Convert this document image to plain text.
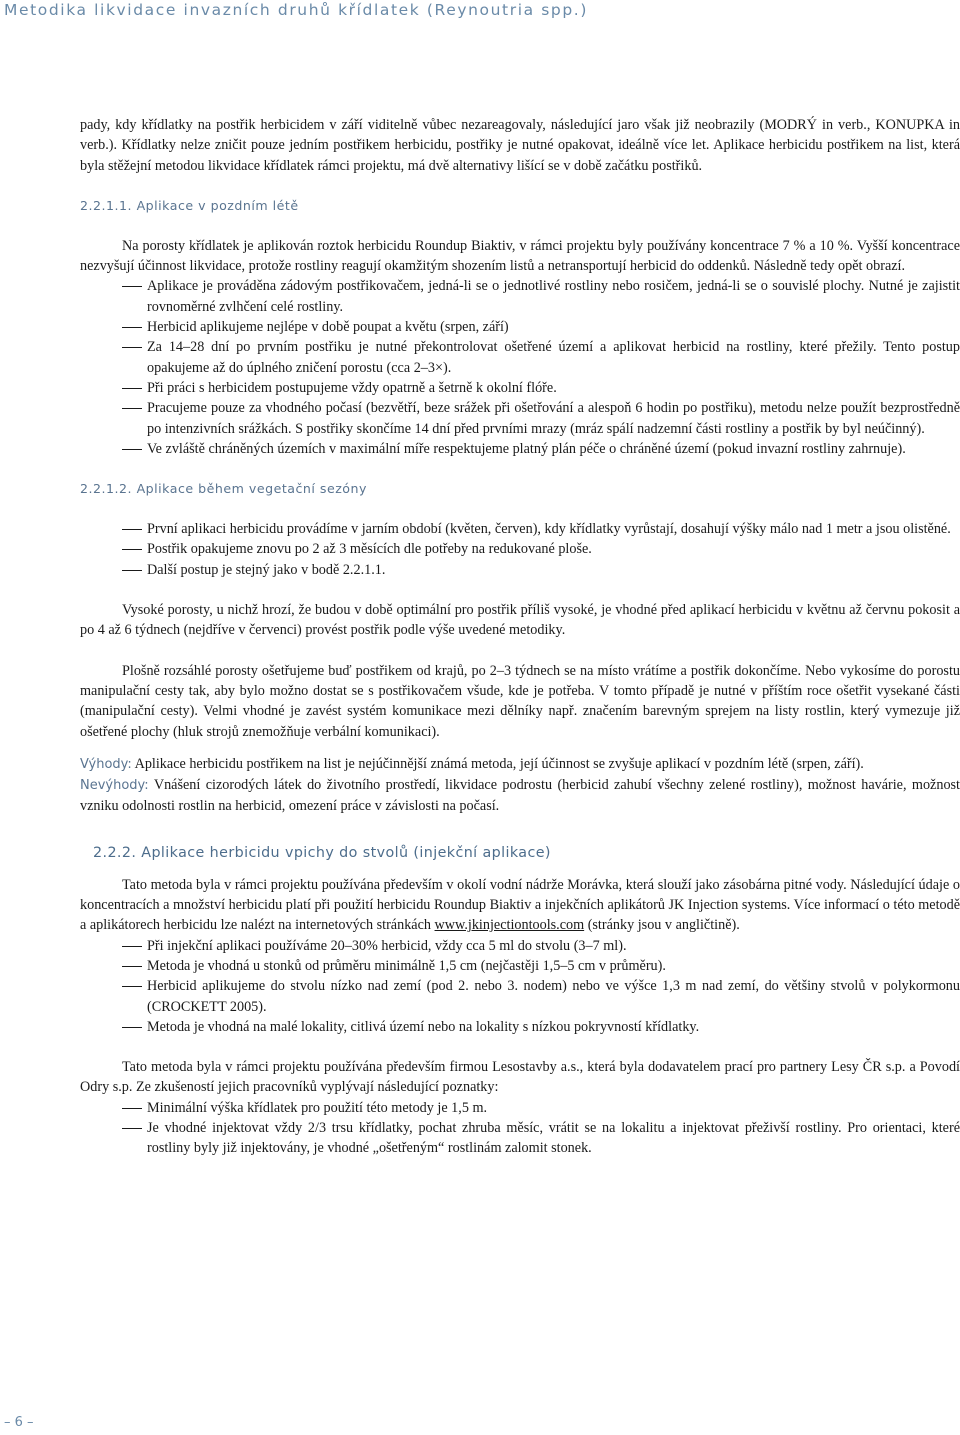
Metodika likvidace invazních druhů křídlatek (Reynoutria spp.)

pady, kdy křídlatky na postřik herbicidem v září viditelně vůbec nezareagovaly, následující jaro však již neobrazily (MODRÝ in verb., KONUPKA in verb.). Křídlatky nelze zničit pouze jedním postřikem herbicidu, postřiky je nutné opakovat, ideálně více let. Aplikace herbicidu postřikem na list, která byla stěžejní metodou likvidace křídlatek rámci projektu, má dvě alternativy lišící se v době začátku postřiků.

2.2.1.1. Aplikace v pozdním létě

Na porosty křídlatek je aplikován roztok herbicidu Roundup Biaktiv, v rámci projektu byly používány koncentrace 7 % a 10 %. Vyšší koncentrace nezvyšují účinnost likvidace, protože rostliny reagují okamžitým shozením listů a netransportují herbicid do oddenků. Následně tedy opět obrazí.

Aplikace je prováděna zádovým postřikovačem, jedná-li se o jednotlivé rostliny nebo rosičem, jedná-li se o souvislé plochy. Nutné je zajistit rovnoměrné zvlhčení celé rostliny.
Herbicid aplikujeme nejlépe v době poupat a květu (srpen, září)
Za 14–28 dní po prvním postřiku je nutné překontrolovat ošetřené území a aplikovat herbicid na rostliny, které přežily. Tento postup opakujeme až do úplného zničení porostu (cca 2–3×).
Při práci s herbicidem postupujeme vždy opatrně a šetrně k okolní flóře.
Pracujeme pouze za vhodného počasí (bezvětří, beze srážek při ošetřování a alespoň 6 hodin po postřiku), metodu nelze použít bezprostředně po intenzivních srážkách. S postřiky skončíme 14 dní před prvními mrazy (mráz spálí nadzemní části rostliny a postřik by byl neúčinný).
Ve zvláště chráněných územích v maximální míře respektujeme platný plán péče o chráněné území (pokud invazní rostliny zahrnuje).
2.2.1.2. Aplikace během vegetační sezóny
První aplikaci herbicidu provádíme v jarním období (květen, červen), kdy křídlatky vyrůstají, dosahují výšky málo nad 1 metr a jsou olistěné.
Postřik opakujeme znovu po 2 až 3 měsících dle potřeby na redukované ploše.
Další postup je stejný jako v bodě 2.2.1.1.

Vysoké porosty, u nichž hrozí, že budou v době optimální pro postřik příliš vysoké, je vhodné před aplikací herbicidu v květnu až červnu pokosit a po 4 až 6 týdnech (nejdříve v červenci) provést postřik podle výše uvedené metodiky.

Plošně rozsáhlé porosty ošetřujeme buď postřikem od krajů, po 2–3 týdnech se na místo vrátíme a postřik dokončíme. Nebo vykosíme do porostu manipulační cesty tak, aby bylo možno dostat se s postřikovačem všude, kde je potřeba. V tomto případě je nutné v příštím roce ošetřit vysekané části (manipulační cesty). Velmi vhodné je zavést systém komunikace mezi dělníky např. značením barevným sprejem na listy rostlin, který vymezuje již ošetřené plochy (hluk strojů znemožňuje verbální komunikaci).

Výhody: Aplikace herbicidu postřikem na list je nejúčinnější známá metoda, její účinnost se zvyšuje aplikací v pozdním létě (srpen, září).

Nevýhody: Vnášení cizorodých látek do životního prostředí, likvidace podrostu (herbicid zahubí všechny zelené rostliny), možnost havárie, možnost vzniku odolnosti rostlin na herbicid, omezení práce v závislosti na počasí.

2.2.2. Aplikace herbicidu vpichy do stvolů (injekční aplikace)

Tato metoda byla v rámci projektu používána především v okolí vodní nádrže Morávka, která slouží jako zásobárna pitné vody. Následující údaje o koncentracích a množství herbicidu platí při použití herbicidu Roundup Biaktiv a injekčních aplikátorů JK Injection systems. Více informací o této metodě a aplikátorech herbicidu lze nalézt na internetových stránkách www.jkinjectiontools.com (stránky jsou v angličtině).

Při injekční aplikaci používáme 20–30% herbicid, vždy cca 5 ml do stvolu (3–7 ml).
Metoda je vhodná u stonků od průměru minimálně 1,5 cm (nejčastěji 1,5–5 cm v průměru).
Herbicid aplikujeme do stvolu nízko nad zemí (pod 2. nebo 3. nodem) nebo ve výšce 1,3 m nad zemí, do většiny stvolů v polykormonu (CROCKETT 2005).
Metoda je vhodná na malé lokality, citlivá území nebo na lokality s nízkou pokryvností křídlatky.

Tato metoda byla v rámci projektu používána především firmou Lesostavby a.s., která byla dodavatelem prací pro partnery Lesy ČR s.p. a Povodí Odry s.p. Ze zkušeností jejich pracovníků vyplývají následující poznatky:

Minimální výška křídlatek pro použití této metody je 1,5 m.
Je vhodné injektovat vždy 2/3 trsu křídlatky, pochat zhruba měsíc, vrátit se na lokalitu a injektovat přeživší rostliny. Pro orientaci, které rostliny byly již injektovány, je vhodné „ošetřeným“ rostlinám zalomit stonek.
– 6 –
